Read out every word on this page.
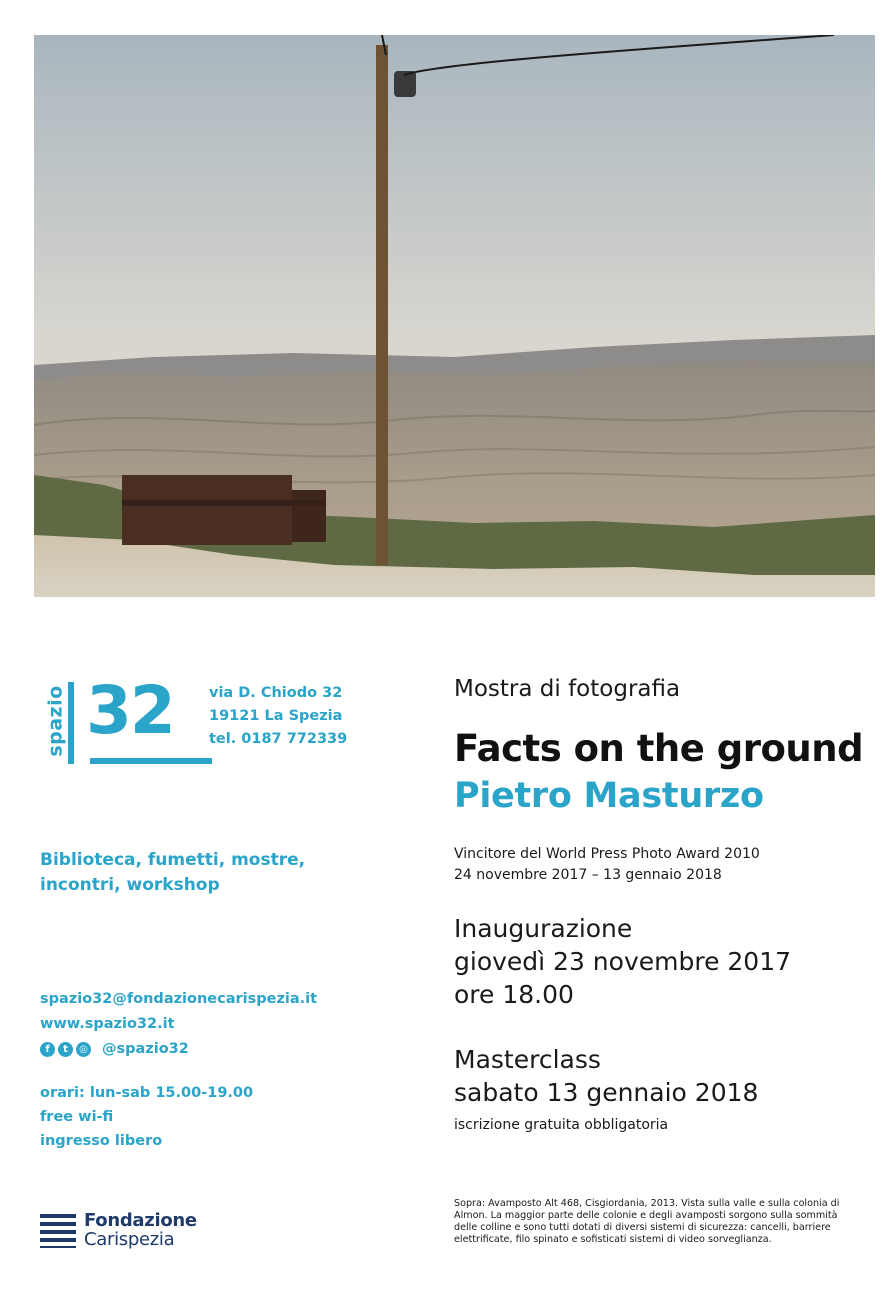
spazio 32 via D. Chiodo 32
19121 La Spezia
tel. 0187 772339
Biblioteca, fumetti, mostre, incontri, workshop
spazio32@fondazionecarispezia.it
www.spazio32.it
f	t	◎ @spazio32
orari: lun-sab 15.00-19.00
free wi-fi
ingresso libero
Fondazione
Carispezia
Mostra di fotografia
Facts on the ground
Pietro Masturzo
Vincitore del World Press Photo Award 2010
24 novembre 2017 – 13 gennaio 2018
Inaugurazione
giovedì 23 novembre 2017
ore 18.00
Masterclass
sabato 13 gennaio 2018
iscrizione gratuita obbligatoria
Sopra: Avamposto Alt 468, Cisgiordania, 2013. Vista sulla valle e sulla colonia di Almon. La maggior parte delle colonie e degli avamposti sorgono sulla sommità delle colline e sono tutti dotati di diversi sistemi di sicurezza: cancelli, barriere elettrificate, filo spinato e sofisticati sistemi di video sorveglianza.
